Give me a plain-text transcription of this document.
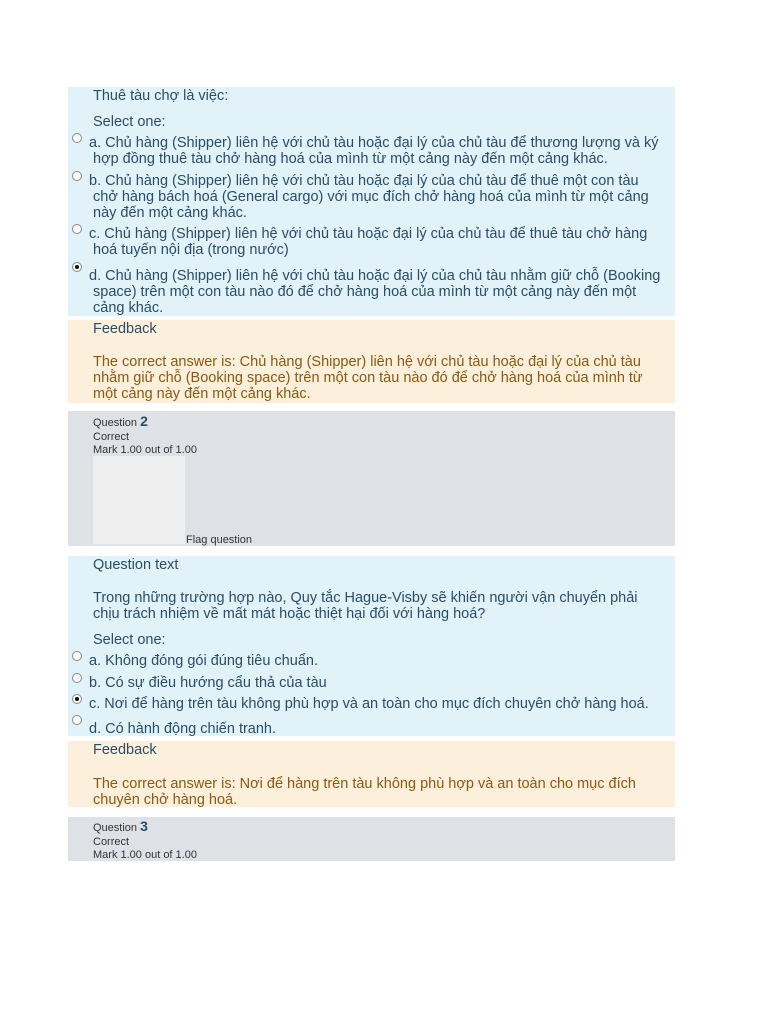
Thuê tàu chợ là việc:
Select one:
a. Chủ hàng (Shipper) liên hệ với chủ tàu hoặc đại lý của chủ tàu để thương lượng và ký
hợp đồng thuê tàu chở hàng hoá của mình từ một cảng này đến một cảng khác.
b. Chủ hàng (Shipper) liên hệ với chủ tàu hoặc đại lý của chủ tàu để thuê một con tàu
chở hàng bách hoá (General cargo) với mục đích chở hàng hoá của mình từ một cảng
này đến một cảng khác.
c. Chủ hàng (Shipper) liên hệ với chủ tàu hoặc đại lý của chủ tàu để thuê tàu chở hàng
hoá tuyến nội địa (trong nước)
d. Chủ hàng (Shipper) liên hệ với chủ tàu hoặc đại lý của chủ tàu nhằm giữ chỗ (Booking
space) trên một con tàu nào đó để chở hàng hoá của mình từ một cảng này đến một
cảng khác.
Feedback
The correct answer is: Chủ hàng (Shipper) liên hệ với chủ tàu hoặc đại lý của chủ tàu
nhằm giữ chỗ (Booking space) trên một con tàu nào đó để chở hàng hoá của mình từ
một cảng này đến một cảng khác.
Question 2
Correct
Mark 1.00 out of 1.00
Flag question
Question text
Trong những trường hợp nào, Quy tắc Hague-Visby sẽ khiến người vận chuyển phải
chịu trách nhiệm về mất mát hoặc thiệt hại đối với hàng hoá?
Select one:
a. Không đóng gói đúng tiêu chuẩn.
b. Có sự điều hướng cẩu thả của tàu
c. Nơi để hàng trên tàu không phù hợp và an toàn cho mục đích chuyên chở hàng hoá.
d. Có hành động chiến tranh.
Feedback
The correct answer is: Nơi để hàng trên tàu không phù hợp và an toàn cho mục đích
chuyên chở hàng hoá.
Question 3
Correct
Mark 1.00 out of 1.00
